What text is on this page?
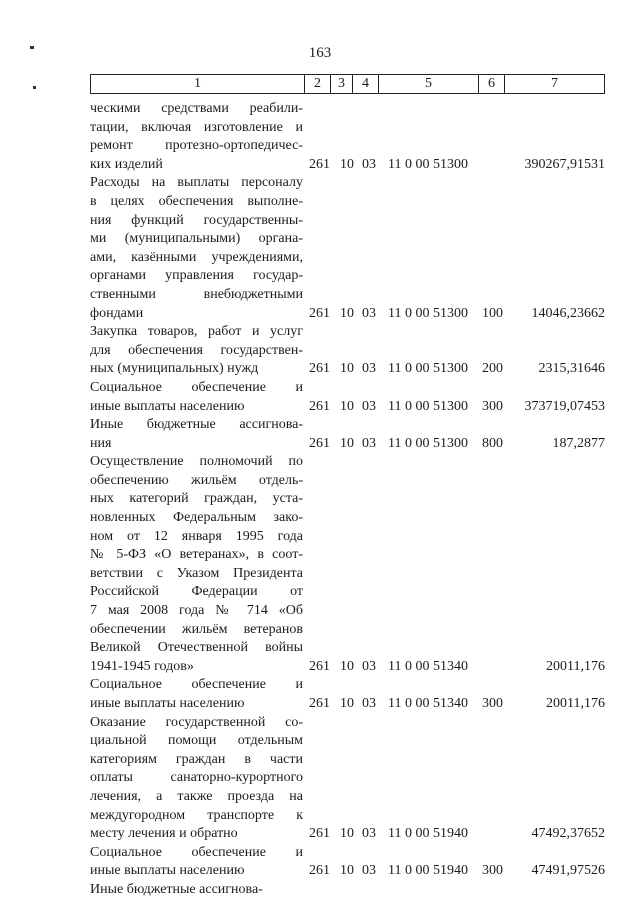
163
1	2	3	4	5	6	7
ческими средствами реабили-
тации, включая изготовление и
ремонт протезно-ортопедичес-
ких изделий	261 10 03 11 0 00 51300	390267,91531
Расходы на выплаты персоналу
в целях обеспечения выполне-
ния функций государственны-
ми (муниципальными) органа-
ами, казёнными учреждениями,
органами управления государ-
ственными внебюджетными
фондами	261 10 03 11 0 00 51300 100	14046,23662
Закупка товаров, работ и услуг
для обеспечения государствен-
ных (муниципальных) нужд	261 10 03 11 0 00 51300 200	2315,31646
Социальное обеспечение и
иные выплаты населению	261 10 03 11 0 00 51300 300	373719,07453
Иные бюджетные ассигнова-
ния	261 10 03 11 0 00 51300 800	187,2877
Осуществление полномочий по
обеспечению жильём отдель-
ных категорий граждан, уста-
новленных Федеральным зако-
ном от 12 января 1995 года
№ 5-ФЗ «О ветеранах», в соот-
ветствии с Указом Президента
Российской Федерации от
7 мая 2008 года № 714 «Об
обеспечении жильём ветеранов
Великой Отечественной войны
1941-1945 годов»	261 10 03 11 0 00 51340	20011,176
Социальное обеспечение и
иные выплаты населению	261 10 03 11 0 00 51340 300	20011,176
Оказание государственной со-
циальной помощи отдельным
категориям граждан в части
оплаты санаторно-курортного
лечения, а также проезда на
междугородном транспорте к
месту лечения и обратно	261 10 03 11 0 00 51940	47492,37652
Социальное обеспечение и
иные выплаты населению	261 10 03 11 0 00 51940 300	47491,97526
Иные бюджетные ассигнова-
